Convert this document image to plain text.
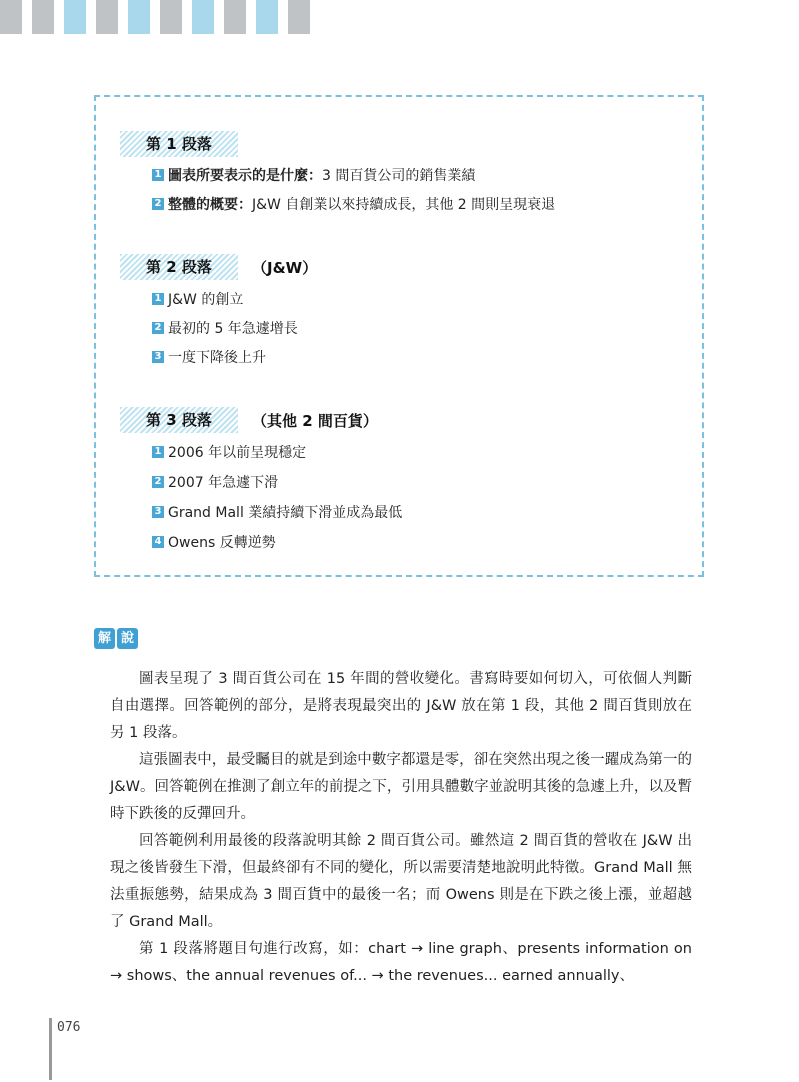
第 1 段落
1 圖表所要表示的是什麼： 3 間百貨公司的銷售業績
2 整體的概要： J&W 自創業以來持續成長，其他 2 間則呈現衰退
第 2 段落	（J&W）
1 J&W 的創立
2 最初的 5 年急遽增長
3 一度下降後上升
第 3 段落	（其他 2 間百貨）
1 2006 年以前呈現穩定
2 2007 年急遽下滑
3 Grand Mall 業績持續下滑並成為最低
4 Owens 反轉逆勢
解 說

圖表呈現了 3 間百貨公司在 15 年間的營收變化。書寫時要如何切入，可依個人判斷自由選擇。回答範例的部分，是將表現最突出的 J&W 放在第 1 段，其他 2 間百貨則放在另 1 段落。

這張圖表中，最受矚目的就是到途中數字都還是零，卻在突然出現之後一躍成為第一的 J&W。回答範例在推測了創立年的前提之下，引用具體數字並說明其後的急遽上升，以及暫時下跌後的反彈回升。

回答範例利用最後的段落說明其餘 2 間百貨公司。雖然這 2 間百貨的營收在 J&W 出現之後皆發生下滑，但最終卻有不同的變化，所以需要清楚地說明此特徵。Grand Mall 無法重振態勢，結果成為 3 間百貨中的最後一名；而 Owens 則是在下跌之後上漲，並超越了 Grand Mall。

第 1 段落將題目句進行改寫，如：chart → line graph、presents information on → shows、the annual revenues of... → the revenues... earned annually、

076
